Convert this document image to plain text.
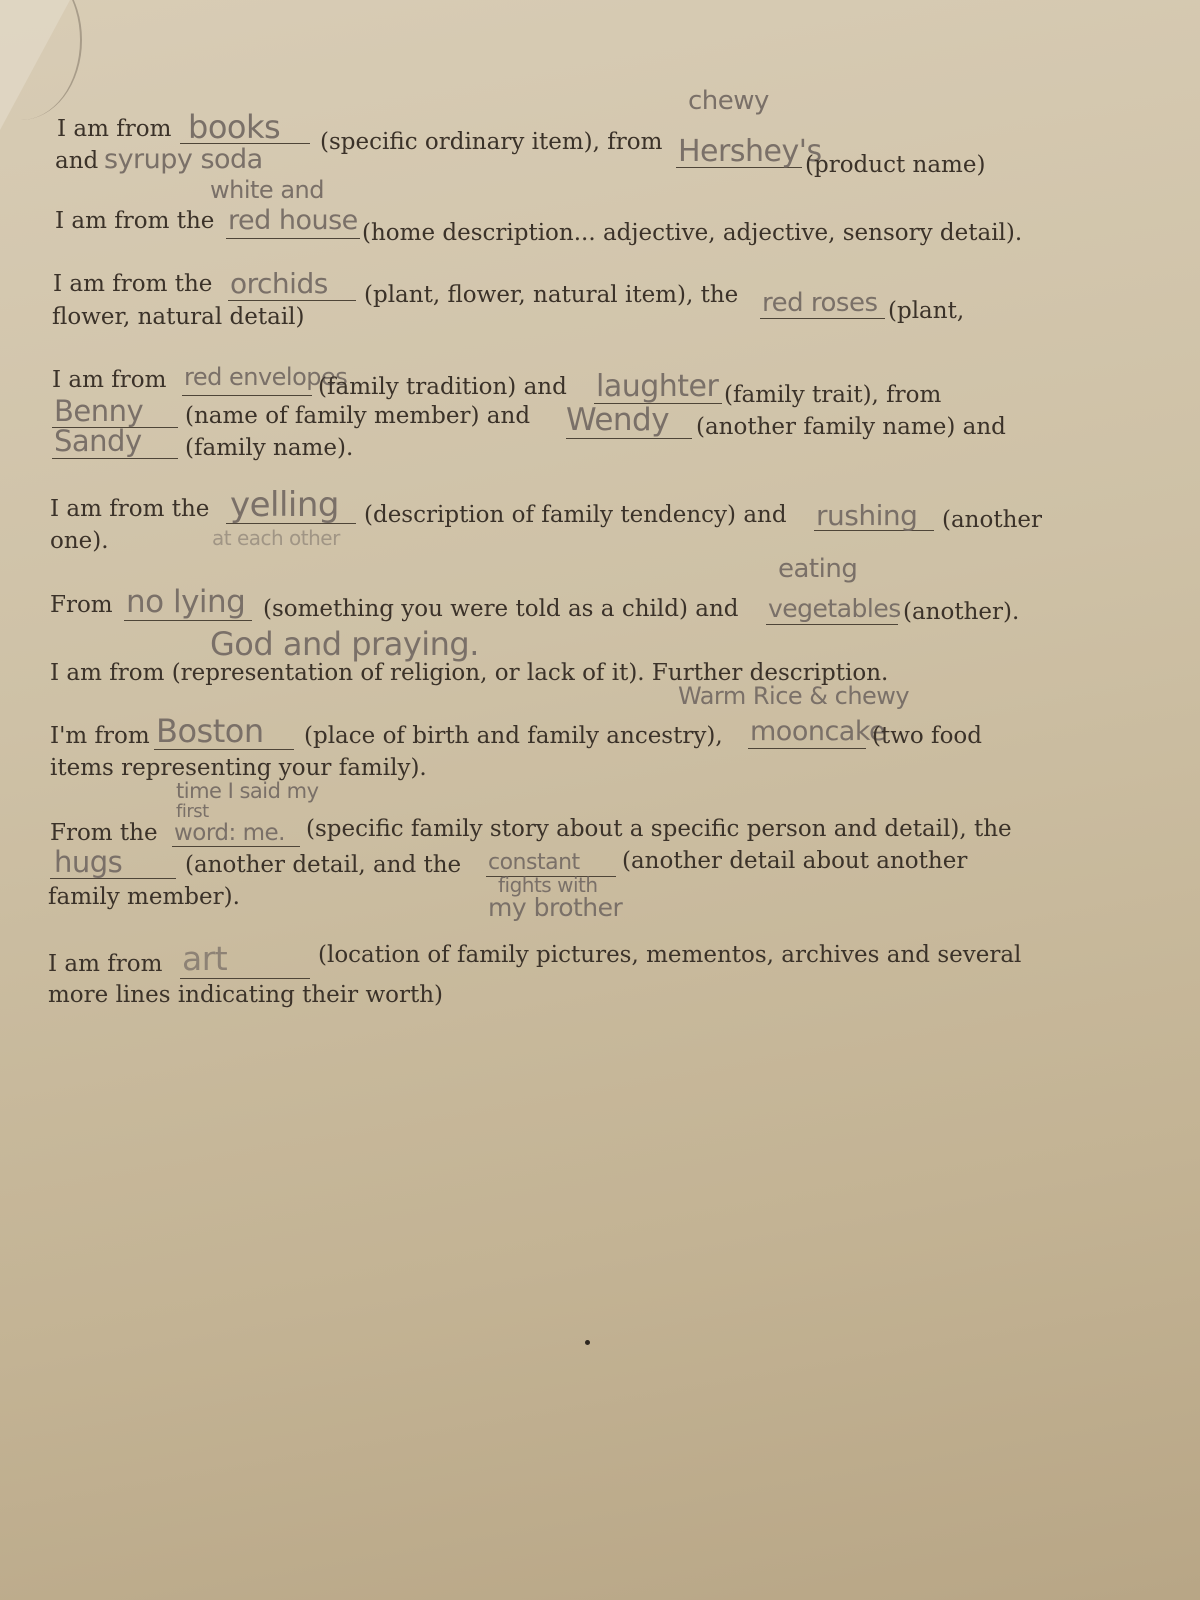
chewy
I am from books (specific ordinary item), from Hershey's
(product name)
and syrupy soda
white and
I am from the red house (home description... adjective, adjective, sensory detail).
I am from the orchids (plant, flower, natural item), the red roses (plant,
flower, natural detail)
I am from red envelopes
(family tradition) and laughter (family trait), from
Benny (name of family member) and Wendy (another family name) and
Sandy (family name).
I am from the yelling
at each other
(description of family tendency) and rushing (another
one).
eating
From no lying (something you were told as a child) and vegetables (another).
God and praying.
I am from (representation of religion, or lack of it). Further description.
Warm Rice & chewy
I'm from Boston (place of birth and family ancestry), mooncake
(two food
items representing your family).
time I said my
first
From the word: me. (specific family story about a specific person and detail), the
hugs	(another detail, and the constant (another detail about another
fights with
family member).	my brother
I am from art	(location of family pictures, mementos, archives and several
more lines indicating their worth)
